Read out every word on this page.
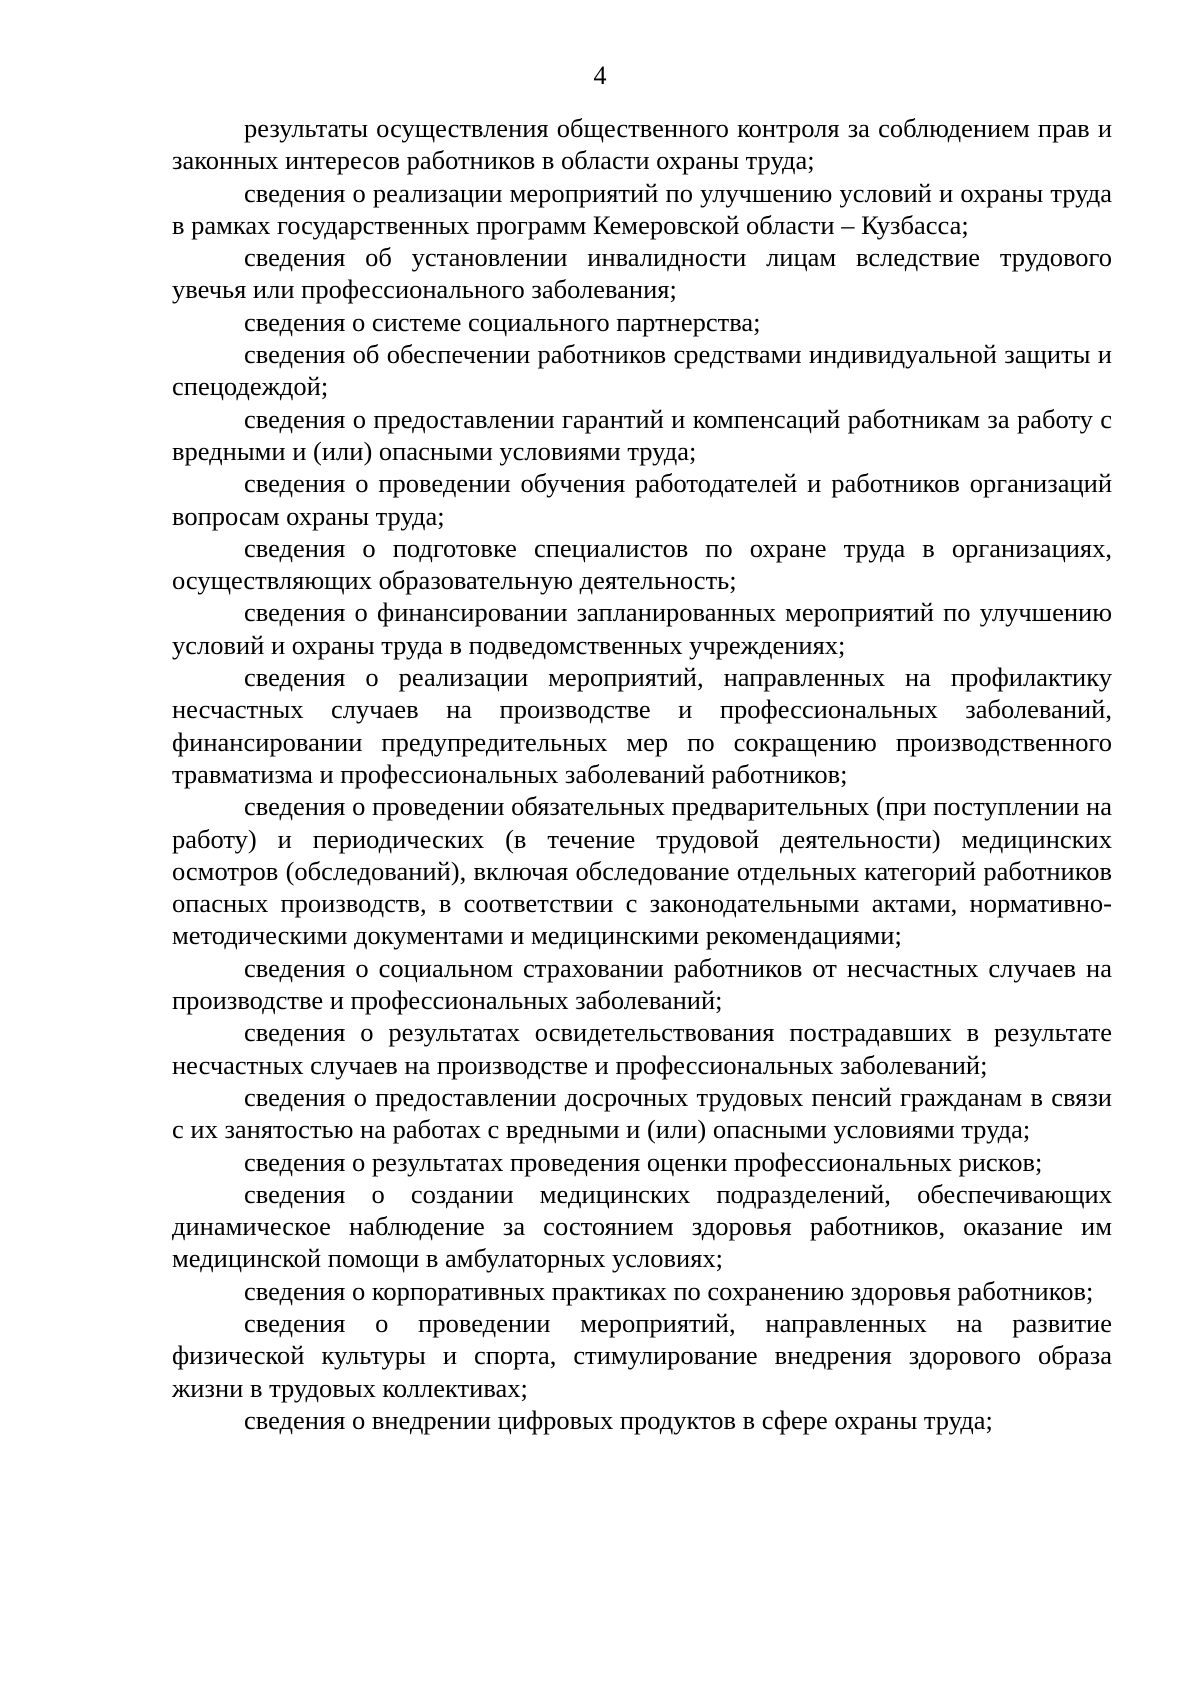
4

результаты осуществления общественного контроля за соблюдением прав и законных интересов работников в области охраны труда;

сведения о реализации мероприятий по улучшению условий и охраны труда в рамках государственных программ Кемеровской области – Кузбасса;

сведения об установлении инвалидности лицам вследствие трудового увечья или профессионального заболевания;

сведения о системе социального партнерства;

сведения об обеспечении работников средствами индивидуальной защиты и спецодеждой;

сведения о предоставлении гарантий и компенсаций работникам за работу с вредными и (или) опасными условиями труда;

сведения о проведении обучения работодателей и работников организаций вопросам охраны труда;

сведения о подготовке специалистов по охране труда в организациях, осуществляющих образовательную деятельность;

сведения о финансировании запланированных мероприятий по улучшению условий и охраны труда в подведомственных учреждениях;

сведения о реализации мероприятий, направленных на профилактику несчастных случаев на производстве и профессиональных заболеваний, финансировании предупредительных мер по сокращению производственного травматизма и профессиональных заболеваний работников;

сведения о проведении обязательных предварительных (при поступлении на работу) и периодических (в течение трудовой деятельности) медицинских осмотров (обследований), включая обследование отдельных категорий работников опасных производств, в соответствии с законодательными актами, нормативно-методическими документами и медицинскими рекомендациями;

сведения о социальном страховании работников от несчастных случаев на производстве и профессиональных заболеваний;

сведения о результатах освидетельствования пострадавших в результате несчастных случаев на производстве и профессиональных заболеваний;

сведения о предоставлении досрочных трудовых пенсий гражданам в связи с их занятостью на работах с вредными и (или) опасными условиями труда;

сведения о результатах проведения оценки профессиональных рисков;

сведения о создании медицинских подразделений, обеспечивающих динамическое наблюдение за состоянием здоровья работников, оказание им медицинской помощи в амбулаторных условиях;

сведения о корпоративных практиках по сохранению здоровья работников;

сведения о проведении мероприятий, направленных на развитие физической культуры и спорта, стимулирование внедрения здорового образа жизни в трудовых коллективах;

сведения о внедрении цифровых продуктов в сфере охраны труда;
